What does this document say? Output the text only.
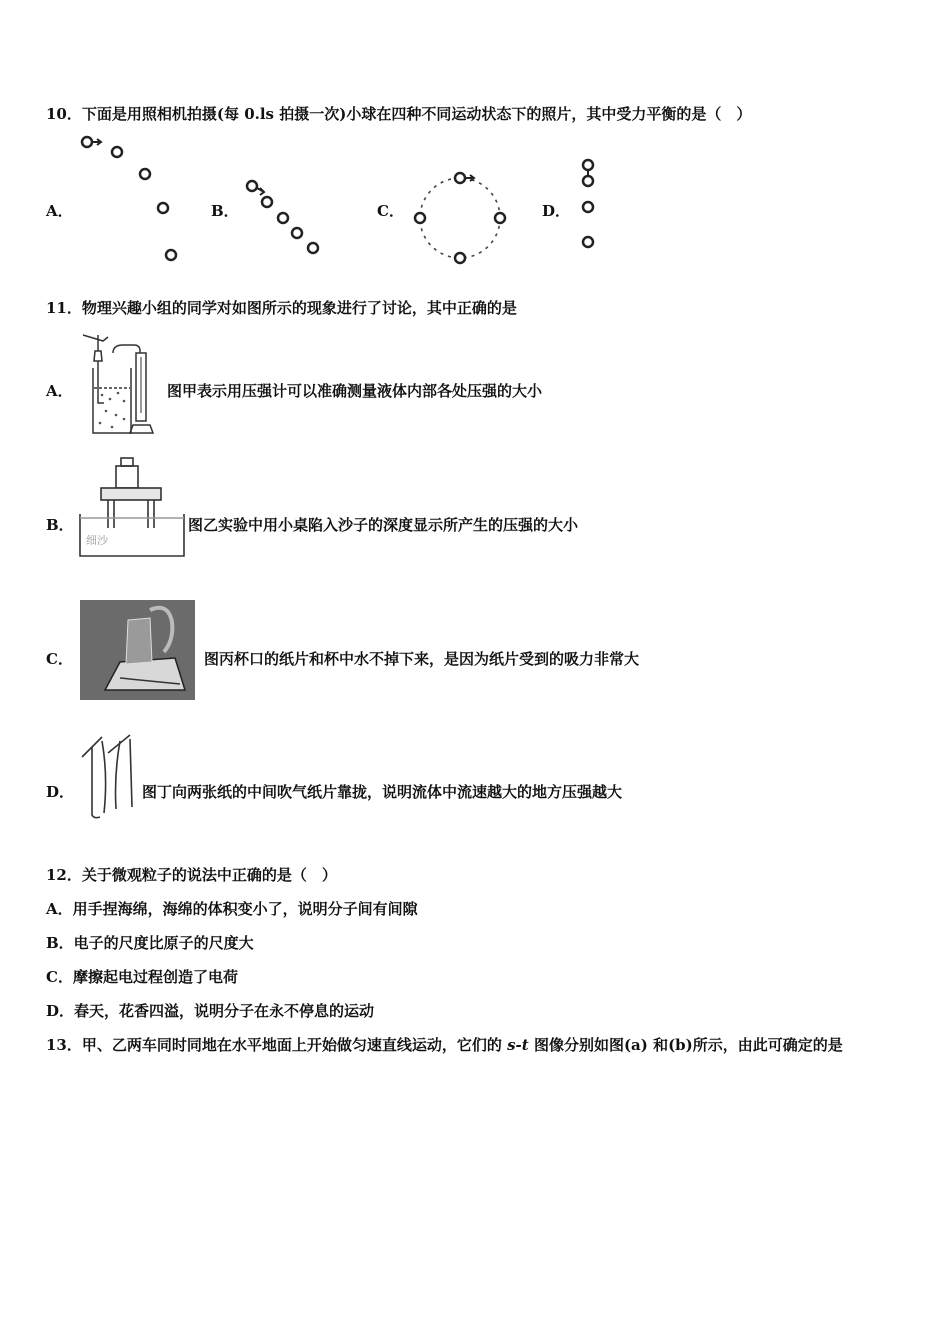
10．下面是用照相机拍摄(每 0.ls 拍摄一次)小球在四种不同运动状态下的照片，其中受力平衡的是（　）
A．	B．	C．	D．
11．物理兴趣小组的同学对如图所示的现象进行了讨论，其中正确的是
A．	图甲表示用压强计可以准确测量液体内部各处压强的大小
B．
细沙
图乙实验中用小桌陷入沙子的深度显示所产生的压强的大小
C．	图丙杯口的纸片和杯中水不掉下来，是因为纸片受到的吸力非常大
D．	图丁向两张纸的中间吹气纸片靠拢，说明流体中流速越大的地方压强越大
12．关于微观粒子的说法中正确的是（　）
A．用手捏海绵，海绵的体积变小了，说明分子间有间隙
B．电子的尺度比原子的尺度大
C．摩擦起电过程创造了电荷
D．春天，花香四溢，说明分子在永不停息的运动
13．甲、乙两车同时同地在水平地面上开始做匀速直线运动，它们的 s-t 图像分别如图(a) 和(b)所示，由此可确定的是
